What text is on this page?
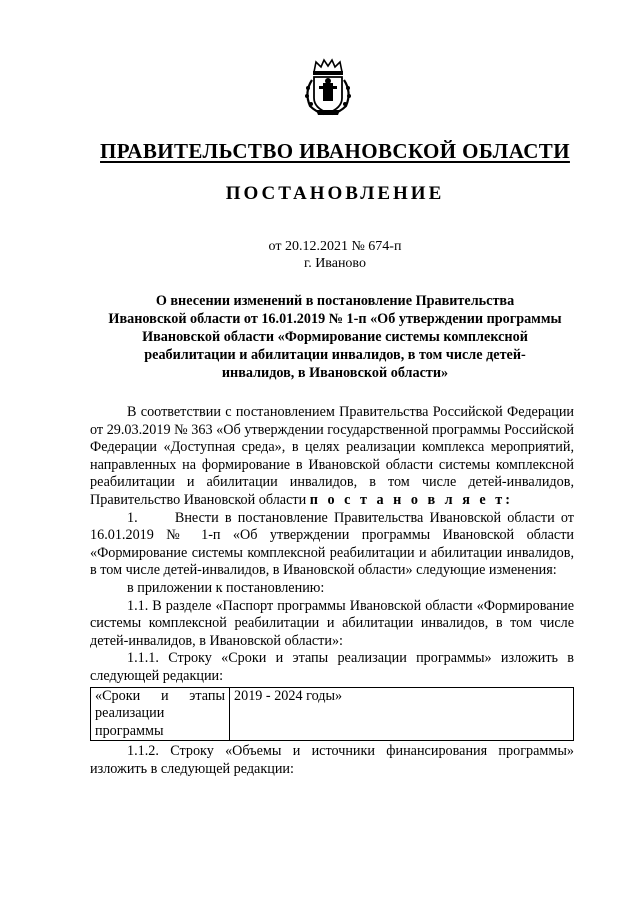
ПРАВИТЕЛЬСТВО ИВАНОВСКОЙ ОБЛАСТИ
ПОСТАНОВЛЕНИЕ
от 20.12.2021 № 674-п
г. Иваново
О внесении изменений в постановление Правительства
Ивановской области от 16.01.2019 № 1-п «Об утверждении программы
Ивановской области «Формирование системы комплексной
реабилитации и абилитации инвалидов, в том числе детей-
инвалидов, в Ивановской области»

В соответствии с постановлением Правительства Российской Федерации от 29.03.2019 № 363 «Об утверждении государственной программы Российской Федерации «Доступная среда», в целях реализации комплекса мероприятий, направленных на формирование в Ивановской области системы комплексной реабилитации и абилитации инвалидов, в том числе детей-инвалидов, Правительство Ивановской области п о с т а н о в л я е т:

1.      Внести в постановление Правительства Ивановской области от 16.01.2019 № 1-п «Об утверждении программы Ивановской области «Формирование системы комплексной реабилитации и абилитации инвалидов, в том числе детей-инвалидов, в Ивановской области» следующие изменения:

в приложении к постановлению:

1.1. В разделе «Паспорт программы Ивановской области «Формирование системы комплексной реабилитации и абилитации инвалидов, в том числе детей-инвалидов, в Ивановской области»:

1.1.1. Строку «Сроки и этапы реализации программы» изложить в следующей редакции:

«Сроки и этапы
реализации
программы
	2019 - 2024 годы»

1.1.2. Строку «Объемы и источники финансирования программы» изложить в следующей редакции:
